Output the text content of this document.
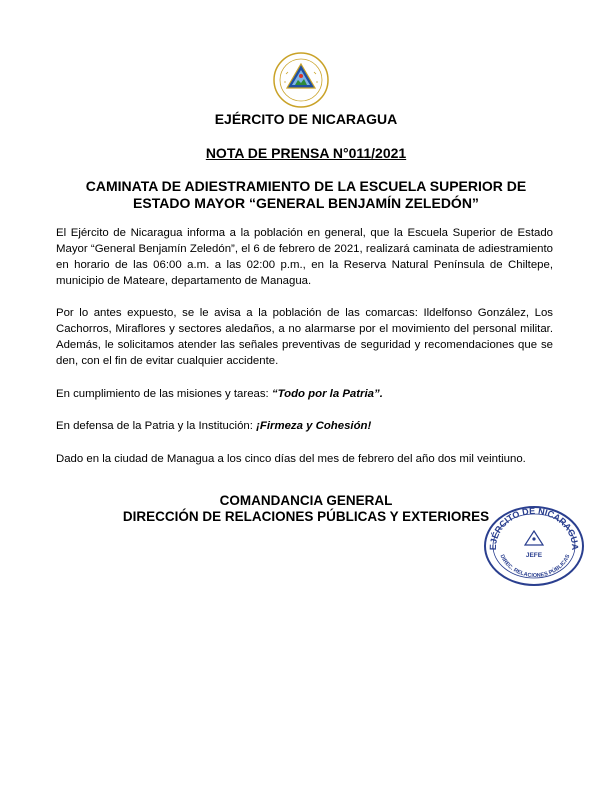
EJÉRCITO DE NICARAGUA
NOTA DE PRENSA N°011/2021
CAMINATA DE ADIESTRAMIENTO DE LA ESCUELA SUPERIOR DE
ESTADO MAYOR “GENERAL BENJAMÍN ZELEDÓN”

El Ejército de Nicaragua informa a la población en general, que la Escuela Superior de Estado Mayor “General Benjamín Zeledón”, el 6 de febrero de 2021, realizará caminata de adiestramiento en horario de las 06:00 a.m. a las 02:00 p.m., en la Reserva Natural Península de Chiltepe, municipio de Mateare, departamento de Managua.

Por lo antes expuesto, se le avisa a la población de las comarcas: Ildelfonso González, Los Cachorros, Miraflores y sectores aledaños, a no alarmarse por el movimiento del personal militar. Además, le solicitamos atender las señales preventivas de seguridad y recomendaciones que se den, con el fin de evitar cualquier accidente.

En cumplimiento de las misiones y tareas: “Todo por la Patria”.

En defensa de la Patria y la Institución: ¡Firmeza y Cohesión!

Dado en la ciudad de Managua a los cinco días del mes de febrero del año dos mil veintiuno.

COMANDANCIA GENERAL
DIRECCIÓN DE RELACIONES PÚBLICAS Y EXTERIORES
EJÉRCITO DE NICARAGUA
JEFE
DIREC. RELACIONES PÚBLICAS
